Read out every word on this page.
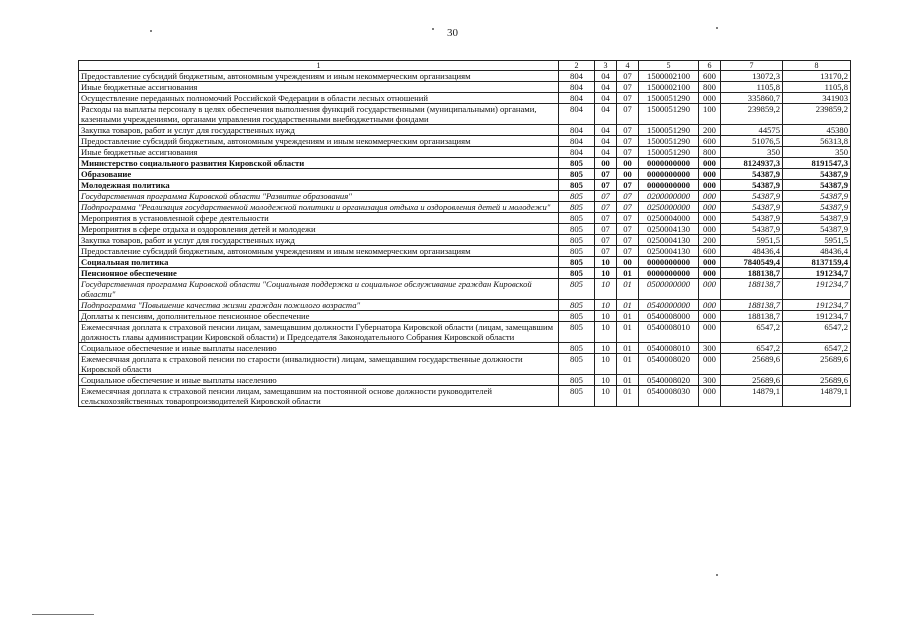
30
1	2	3	4	5	6	7	8
Предоставление субсидий бюджетным, автономным учреждениям и иным некоммерческим организациям	804	04	07	1500002100	600	13072,3	13170,2
Иные бюджетные ассигнования	804	04	07	1500002100	800	1105,8	1105,8
Осуществление переданных полномочий Российской Федерации в области лесных отношений	804	04	07	1500051290	000	335860,7	341903
Расходы на выплаты персоналу в целях обеспечения выполнения функций государственными (муниципальными) органами, казенными учреждениями, органами управления государственными внебюджетными фондами	804	04	07	1500051290	100	239859,2	239859,2
Закупка товаров, работ и услуг для государственных нужд	804	04	07	1500051290	200	44575	45380
Предоставление субсидий бюджетным, автономным учреждениям и иным некоммерческим организациям	804	04	07	1500051290	600	51076,5	56313,8
Иные бюджетные ассигнования	804	04	07	1500051290	800	350	350
Министерство социального развития Кировской области	805	00	00	0000000000	000	8124937,3	8191547,3
Образование	805	07	00	0000000000	000	54387,9	54387,9
Молодежная политика	805	07	07	0000000000	000	54387,9	54387,9
Государственная программа Кировской области "Развитие образования"	805	07	07	0200000000	000	54387,9	54387,9
Подпрограмма "Реализация государственной молодежной политики и организация отдыха и оздоровления детей и молодежи"	805	07	07	0250000000	000	54387,9	54387,9
Мероприятия в установленной сфере деятельности	805	07	07	0250004000	000	54387,9	54387,9
Мероприятия в сфере отдыха и оздоровления детей и молодежи	805	07	07	0250004130	000	54387,9	54387,9
Закупка товаров, работ и услуг для государственных нужд	805	07	07	0250004130	200	5951,5	5951,5
Предоставление субсидий бюджетным, автономным учреждениям и иным некоммерческим организациям	805	07	07	0250004130	600	48436,4	48436,4
Социальная политика	805	10	00	0000000000	000	7840549,4	8137159,4
Пенсионное обеспечение	805	10	01	0000000000	000	188138,7	191234,7
Государственная программа Кировской области "Социальная поддержка и социальное обслуживание граждан Кировской области"	805	10	01	0500000000	000	188138,7	191234,7
Подпрограмма "Повышение качества жизни граждан пожилого возраста"	805	10	01	0540000000	000	188138,7	191234,7
Доплаты к пенсиям, дополнительное пенсионное обеспечение	805	10	01	0540008000	000	188138,7	191234,7
Ежемесячная доплата к страховой пенсии лицам, замещавшим должности Губернатора Кировской области (лицам, замещавшим должность главы администрации Кировской области) и Председателя Законодательного Собрания Кировской области	805	10	01	0540008010	000	6547,2	6547,2
Социальное обеспечение и иные выплаты населению	805	10	01	0540008010	300	6547,2	6547,2
Ежемесячная доплата к страховой пенсии по старости (инвалидности) лицам, замещавшим государственные должности Кировской области	805	10	01	0540008020	000	25689,6	25689,6
Социальное обеспечение и иные выплаты населению	805	10	01	0540008020	300	25689,6	25689,6
Ежемесячная доплата к страховой пенсии лицам, замещавшим на постоянной основе должности руководителей сельскохозяйственных товаропроизводителей Кировской области	805	10	01	0540008030	000	14879,1	14879,1
